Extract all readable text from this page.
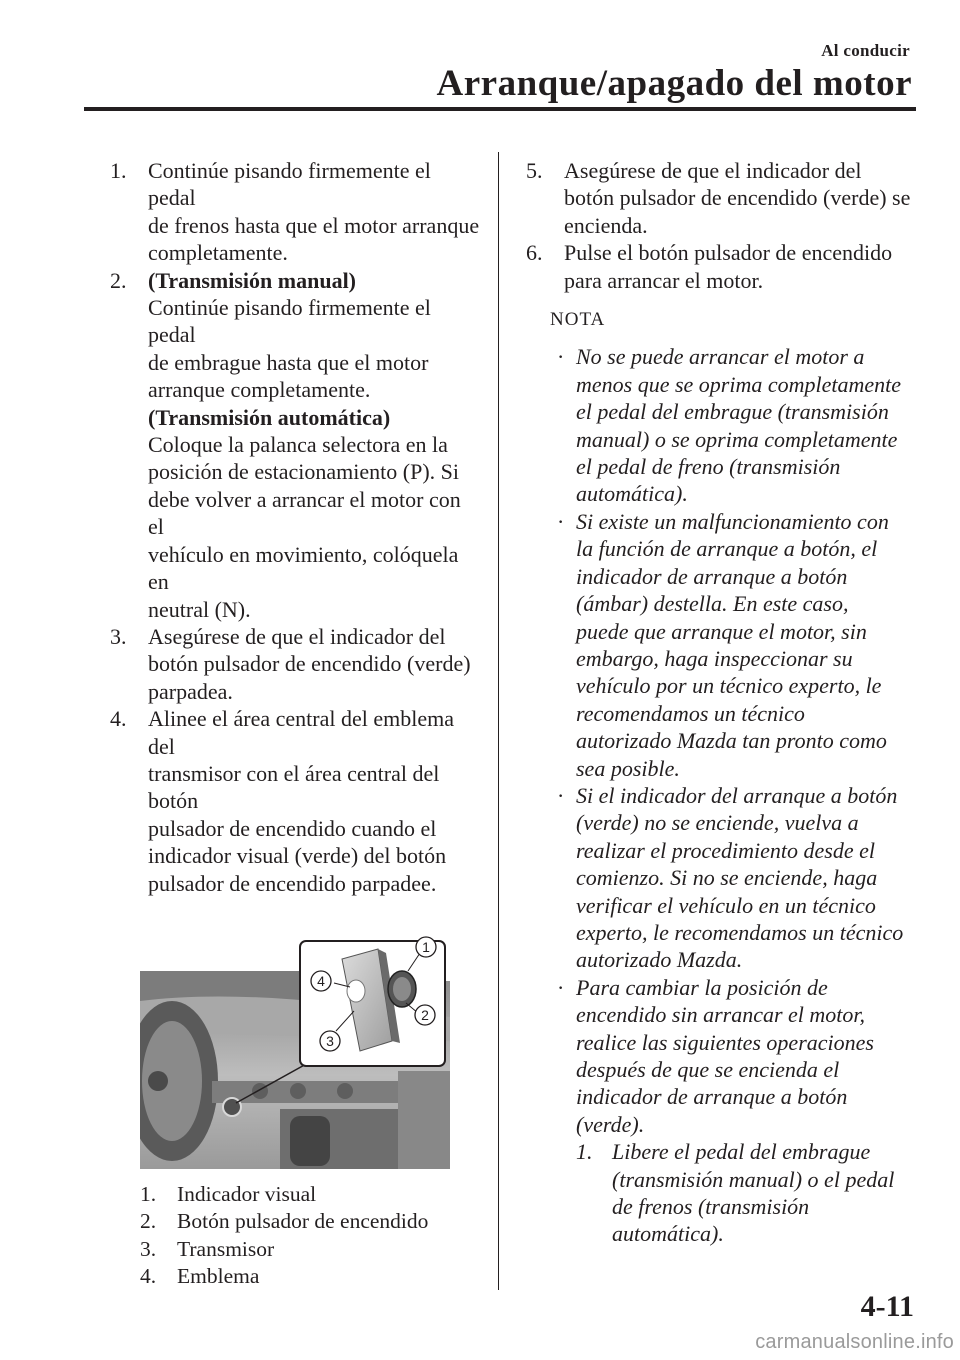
Al conducir
Arranque/apagado del motor
1. Continúe pisando firmemente el pedal
de frenos hasta que el motor arranque
completamente.
2. (Transmisión manual)
Continúe pisando firmemente el pedal
de embrague hasta que el motor
arranque completamente.
(Transmisión automática)
Coloque la palanca selectora en la
posición de estacionamiento (P). Si
debe volver a arrancar el motor con el
vehículo en movimiento, colóquela en
neutral (N).
3. Asegúrese de que el indicador del
botón pulsador de encendido (verde)
parpadea.
4. Alinee el área central del emblema del
transmisor con el área central del botón
pulsador de encendido cuando el
indicador visual (verde) del botón
pulsador de encendido parpadee.
1
2
3
4
1. Indicador visual
2. Botón pulsador de encendido
3. Transmisor
4. Emblema
5. Asegúrese de que el indicador del
botón pulsador de encendido (verde) se
encienda.
6. Pulse el botón pulsador de encendido
para arrancar el motor.
NOTA
· No se puede arrancar el motor a
menos que se oprima completamente
el pedal del embrague (transmisión
manual) o se oprima completamente
el pedal de freno (transmisión
automática).
· Si existe un malfuncionamiento con
la función de arranque a botón, el
indicador de arranque a botón
(ámbar) destella. En este caso,
puede que arranque el motor, sin
embargo, haga inspeccionar su
vehículo por un técnico experto, le
recomendamos un técnico
autorizado Mazda tan pronto como
sea posible.
· Si el indicador del arranque a botón
(verde) no se enciende, vuelva a
realizar el procedimiento desde el
comienzo. Si no se enciende, haga
verificar el vehículo en un técnico
experto, le recomendamos un técnico
autorizado Mazda.
· Para cambiar la posición de
encendido sin arrancar el motor,
realice las siguientes operaciones
después de que se encienda el
indicador de arranque a botón
(verde).
1. Libere el pedal del embrague
(transmisión manual) o el pedal
de frenos (transmisión
automática).
4-11
carmanualsonline.info
